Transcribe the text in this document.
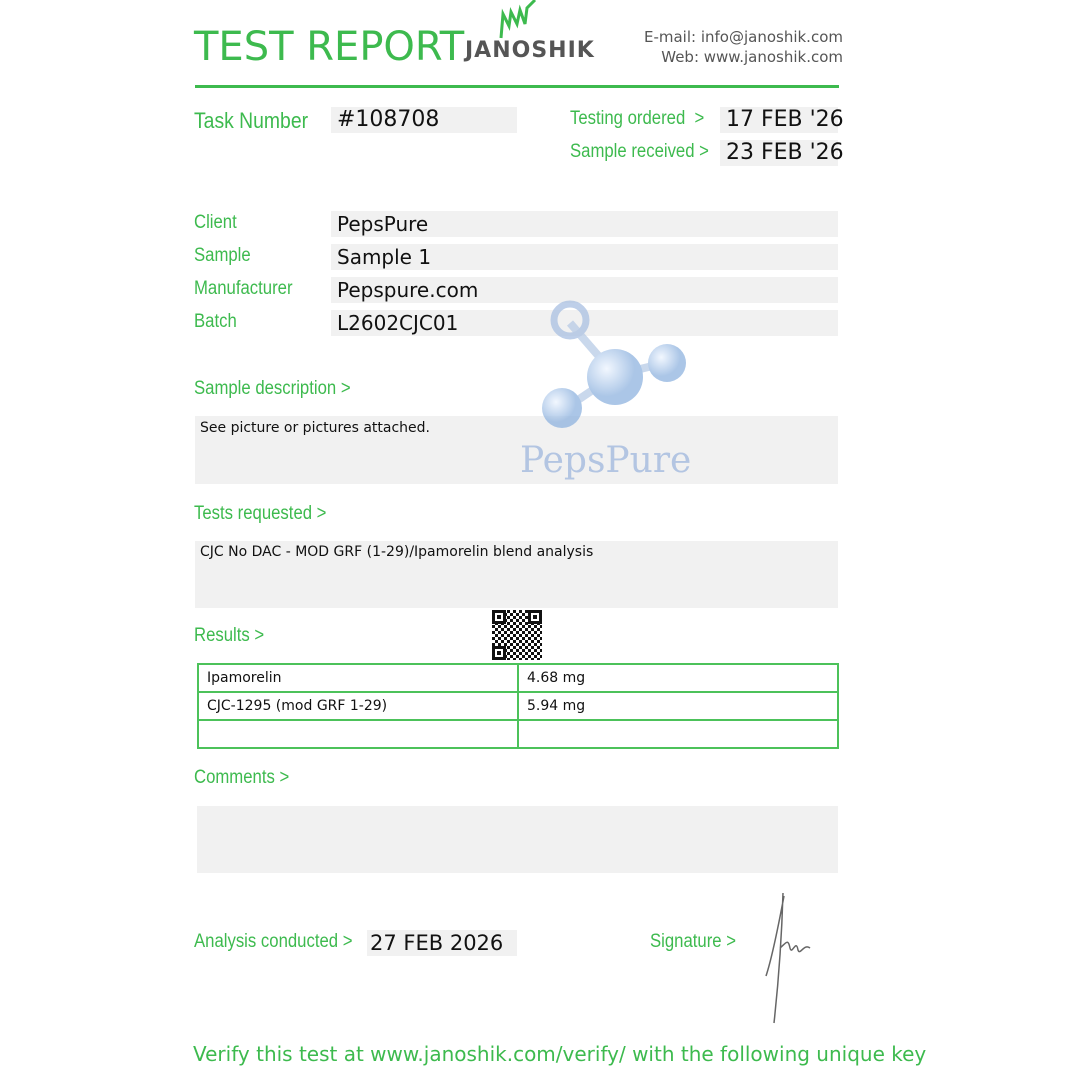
TEST REPORT JANOSHIK
E-mail: info@janoshik.com
Web: www.janoshik.com
Task Number #108708	Testing ordered  > 17 FEB '26
Sample received > 23 FEB '26
Client	PepsPure
Sample	Sample 1
Manufacturer	Pepspure.com
Batch	L2602CJC01
Sample description >
See picture or pictures attached.
PepsPure
Tests requested >
CJC No DAC - MOD GRF (1-29)/Ipamorelin blend analysis
Results >
Ipamorelin	4.68 mg
CJC-1295 (mod GRF 1-29)	5.94 mg

Comments >
Analysis conducted > 27 FEB 2026	Signature >
Verify this test at www.janoshik.com/verify/ with the following unique key
